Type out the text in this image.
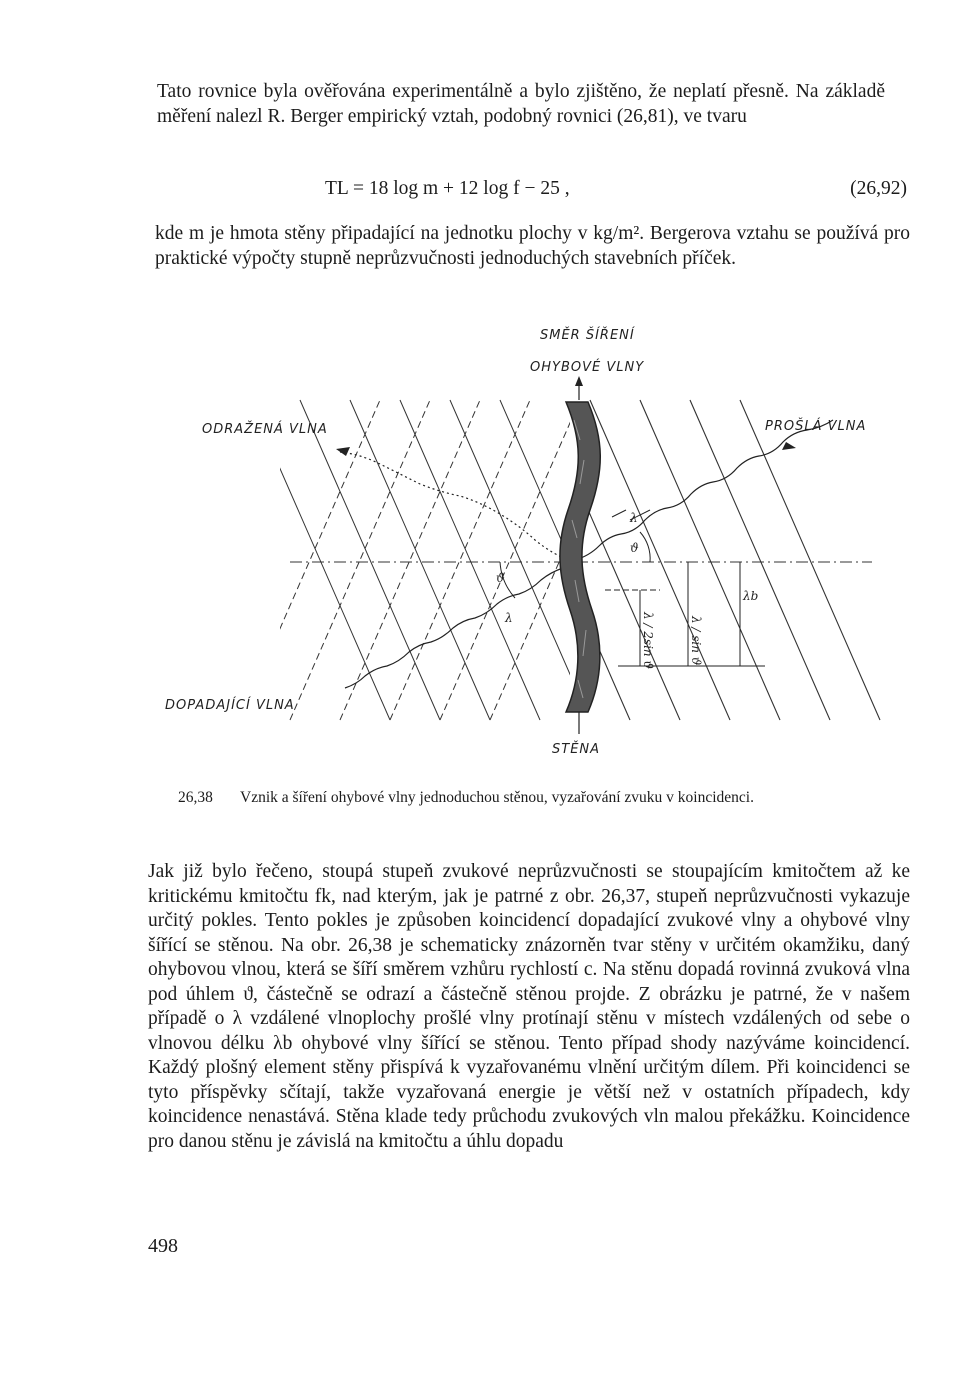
Tato rovnice byla ověřována experimentálně a bylo zjištěno, že neplatí přesně. Na základě měření nalezl R. Berger empirický vztah, podobný rovnici (26,81), ve tvaru

TL = 18 log m + 12 log f − 25 ,	(26,92)

kde m je hmota stěny připadající na jednotku plochy v kg/m². Bergerova vztahu se používá pro praktické výpočty stupně neprůzvučnosti jednoduchých stavebních příček.

SMĚR ŠÍŘENÍ
OHYBOVÉ VLNY
ODRAŽENÁ VLNA	PROŠLÁ VLNA
DOPADAJÍCÍ VLNA
STĚNA
λ
ϑ
ϑ
λ
λb
λ / sin ϑ
λ / 2sin ϑ

26,38 Vznik a šíření ohybové vlny jednoduchou stěnou, vyzařování zvuku v koincidenci.

Jak již bylo řečeno, stoupá stupeň zvukové neprůzvučnosti se stoupajícím kmitočtem až ke kritickému kmitočtu fk, nad kterým, jak je patrné z obr. 26,37, stupeň neprůzvučnosti vykazuje určitý pokles. Tento pokles je způsoben koincidencí dopadající zvukové vlny a ohybové vlny šířící se stěnou. Na obr. 26,38 je schematicky znázorněn tvar stěny v určitém okamžiku, daný ohybovou vlnou, která se šíří směrem vzhůru rychlostí c. Na stěnu dopadá rovinná zvuková vlna pod úhlem ϑ, částečně se odrazí a částečně stěnou projde. Z obrázku je patrné, že v našem případě o λ vzdálené vlnoplochy prošlé vlny protínají stěnu v místech vzdálených od sebe o vlnovou délku λb ohybové vlny šířící se stěnou. Tento případ shody nazýváme koincidencí. Každý plošný element stěny přispívá k vyzařovanému vlnění určitým dílem. Při koincidenci se tyto příspěvky sčítají, takže vyzařovaná energie je větší než v ostatních případech, kdy koincidence nenastává. Stěna klade tedy průchodu zvukových vln malou překážku. Koincidence pro danou stěnu je závislá na kmitočtu a úhlu dopadu

498
